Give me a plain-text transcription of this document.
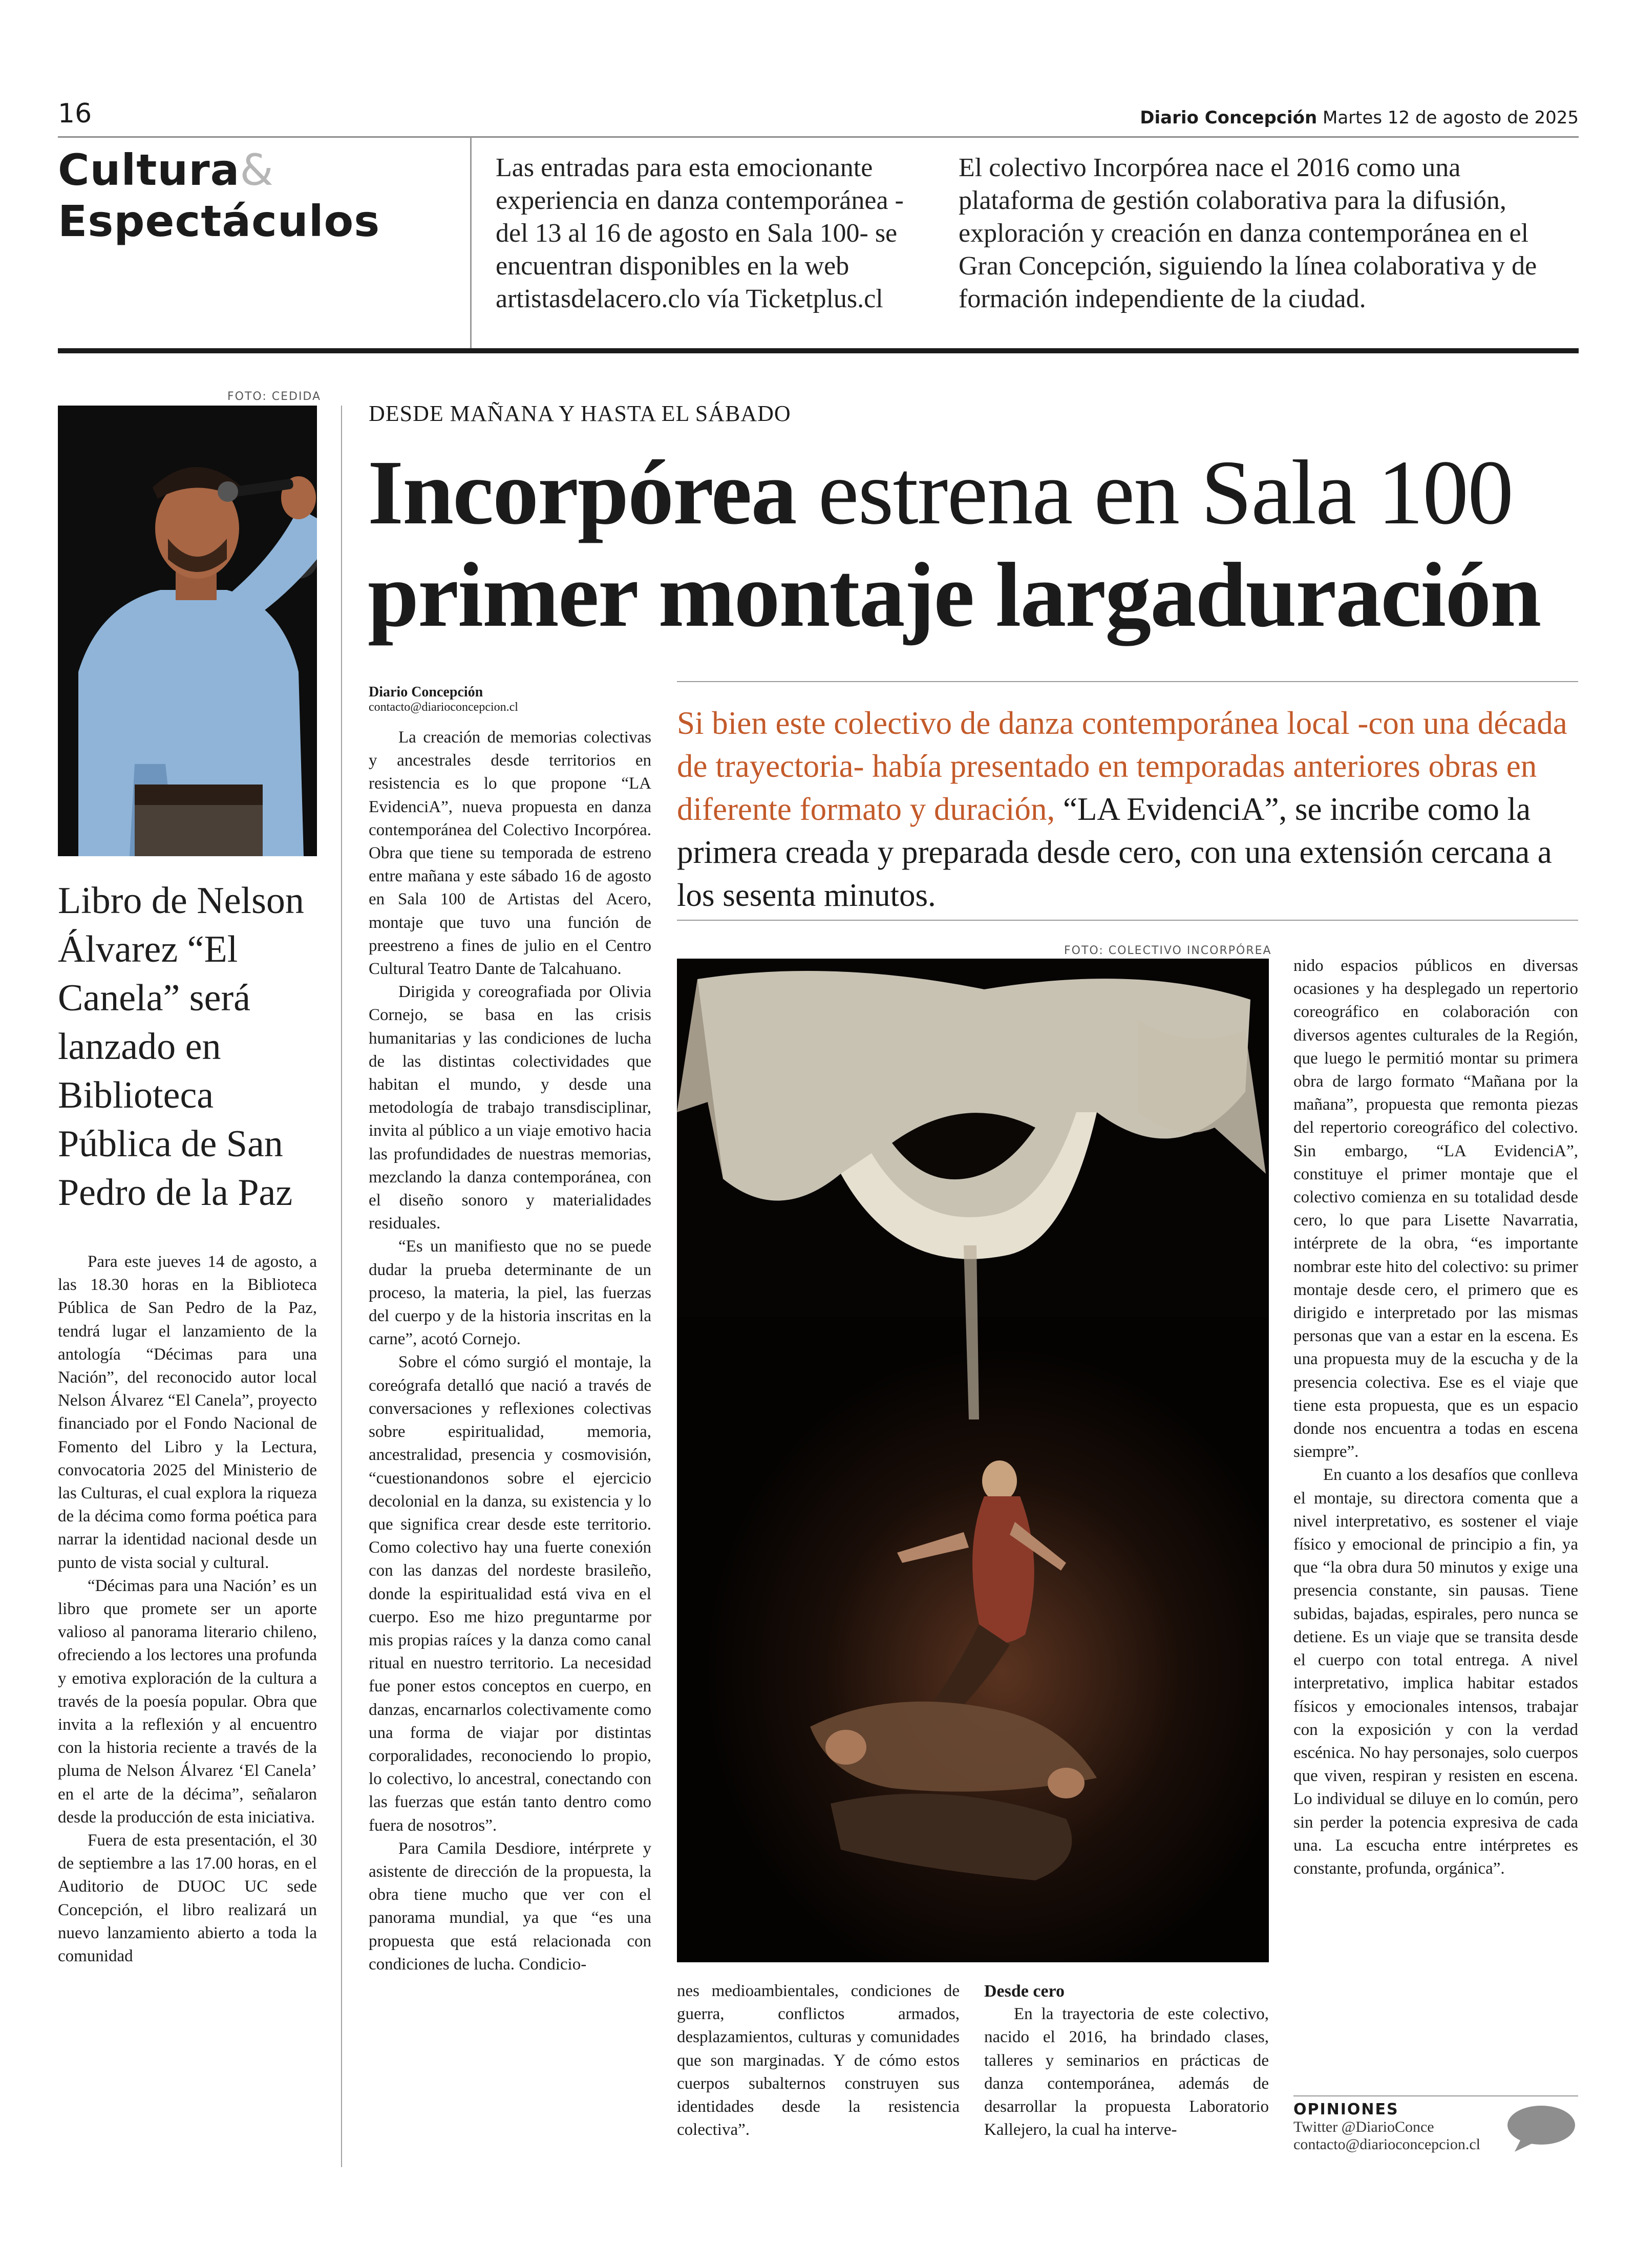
16	Diario Concepción Martes 12 de agosto de 2025
Cultura&
Espectáculos
Las entradas para esta emocionante experiencia en danza contemporánea -del 13 al 16 de agosto en Sala 100- se encuentran disponibles en la web artistasdelacero.clo vía Ticketplus.cl
El colectivo Incorpórea nace el 2016 como una plataforma de gestión colaborativa para la difusión, exploración y creación en danza contemporánea en el Gran Concepción, siguiendo la línea colaborativa y de formación independiente de la ciudad.
FOTO: CEDIDA
Libro de Nelson Álvarez “El Canela” será lanzado en Biblioteca Pública de San Pedro de la Paz

Para este jueves 14 de agosto, a las 18.30 horas en la Biblioteca Pública de San Pedro de la Paz, tendrá lugar el lanzamiento de la antología “Décimas para una Nación”, del reconocido autor local Nelson Álvarez “El Canela”, proyecto financiado por el Fondo Nacional de Fomento del Libro y la Lectura, convocatoria 2025 del Ministerio de las Culturas, el cual explora la riqueza de la décima como forma poética para narrar la identidad nacional desde un punto de vista social y cultural.

“Décimas para una Nación’ es un libro que promete ser un aporte valioso al panorama literario chileno, ofreciendo a los lectores una profunda y emotiva exploración de la cultura a través de la poesía popular. Obra que invita a la reflexión y al encuentro con la historia reciente a través de la pluma de Nelson Álvarez ‘El Canela’ en el arte de la décima”, señalaron desde la producción de esta iniciativa.

Fuera de esta presentación, el 30 de septiembre a las 17.00 horas, en el Auditorio de DUOC UC sede Concepción, el libro realizará un nuevo lanzamiento abierto a toda la comunidad

DESDE MAÑANA Y HASTA EL SÁBADO
Incorpórea estrena en Sala 100
primer montaje largaduración
Diario Concepción
contacto@diarioconcepcion.cl	Si bien este colectivo de danza contemporánea local -con una década de trayectoria- había presentado en temporadas anteriores obras en diferente formato y duración, “LA EvidenciA”, se incribe como la primera creada y preparada desde cero, con una extensión cercana a los sesenta minutos.

La creación de memorias colectivas y ancestrales desde territorios en resistencia es lo que propone “LA EvidenciA”, nueva propuesta en danza contemporánea del Colectivo Incorpórea. Obra que tiene su temporada de estreno entre mañana y este sábado 16 de agosto en Sala 100 de Artistas del Acero, montaje que tuvo una función de preestreno a fines de julio en el Centro Cultural Teatro Dante de Talcahuano.

Dirigida y coreografiada por Olivia Cornejo, se basa en las crisis humanitarias y las condiciones de lucha de las distintas colectividades que habitan el mundo, y desde una metodología de trabajo transdisciplinar, invita al público a un viaje emotivo hacia las profundidades de nuestras memorias, mezclando la danza contemporánea, con el diseño sonoro y materialidades residuales.

“Es un manifiesto que no se puede dudar la prueba determinante de un proceso, la materia, la piel, las fuerzas del cuerpo y de la historia inscritas en la carne”, acotó Cornejo.

Sobre el cómo surgió el montaje, la coreógrafa detalló que nació a través de conversaciones y reflexiones colectivas sobre espiritualidad, memoria, ancestralidad, presencia y cosmovisión, “cuestionandonos sobre el ejercicio decolonial en la danza, su existencia y lo que significa crear desde este territorio. Como colectivo hay una fuerte conexión con las danzas del nordeste brasileño, donde la espiritualidad está viva en el cuerpo. Eso me hizo preguntarme por mis propias raíces y la danza como canal ritual en nuestro territorio. La necesidad fue poner estos conceptos en cuerpo, en danzas, encarnarlos colectivamente como una forma de viajar por distintas corporalidades, reconociendo lo propio, lo colectivo, lo ancestral, conectando con las fuerzas que están tanto dentro como fuera de nosotros”.

Para Camila Desdiore, intérprete y asistente de dirección de la propuesta, la obra tiene mucho que ver con el panorama mundial, ya que “es una propuesta que está relacionada con condiciones de lucha. Condicio-

FOTO: COLECTIVO INCORPÓREA

nes medioambientales, condiciones de guerra, conflictos armados, desplazamientos, culturas y comunidades que son marginadas. Y de cómo estos cuerpos subalternos construyen sus identidades desde la resistencia colectiva”.

Desde cero

En la trayectoria de este colectivo, nacido el 2016, ha brindado clases, talleres y seminarios en prácticas de danza contemporánea, además de desarrollar la propuesta Laboratorio Kallejero, la cual ha interve-

nido espacios públicos en diversas ocasiones y ha desplegado un repertorio coreográfico en colaboración con diversos agentes culturales de la Región, que luego le permitió montar su primera obra de largo formato “Mañana por la mañana”, propuesta que remonta piezas del repertorio coreográfico del colectivo. Sin embargo, “LA EvidenciA”, constituye el primer montaje que el colectivo comienza en su totalidad desde cero, lo que para Lisette Navarratia, intérprete de la obra, “es importante nombrar este hito del colectivo: su primer montaje desde cero, el primero que es dirigido e interpretado por las mismas personas que van a estar en la escena. Es una propuesta muy de la escucha y de la presencia colectiva. Ese es el viaje que tiene esta propuesta, que es un espacio donde nos encuentra a todas en escena siempre”.

En cuanto a los desafíos que conlleva el montaje, su directora comenta que a nivel interpretativo, es sostener el viaje físico y emocional de principio a fin, ya que “la obra dura 50 minutos y exige una presencia constante, sin pausas. Tiene subidas, bajadas, espirales, pero nunca se detiene. Es un viaje que se transita desde el cuerpo con total entrega. A nivel interpretativo, implica habitar estados físicos y emocionales intensos, trabajar con la exposición y con la verdad escénica. No hay personajes, solo cuerpos que viven, respiran y resisten en escena. Lo individual se diluye en lo común, pero sin perder la potencia expresiva de cada una. La escucha entre intérpretes es constante, profunda, orgánica”.

OPINIONES
Twitter @DiarioConce
contacto@diarioconcepcion.cl
